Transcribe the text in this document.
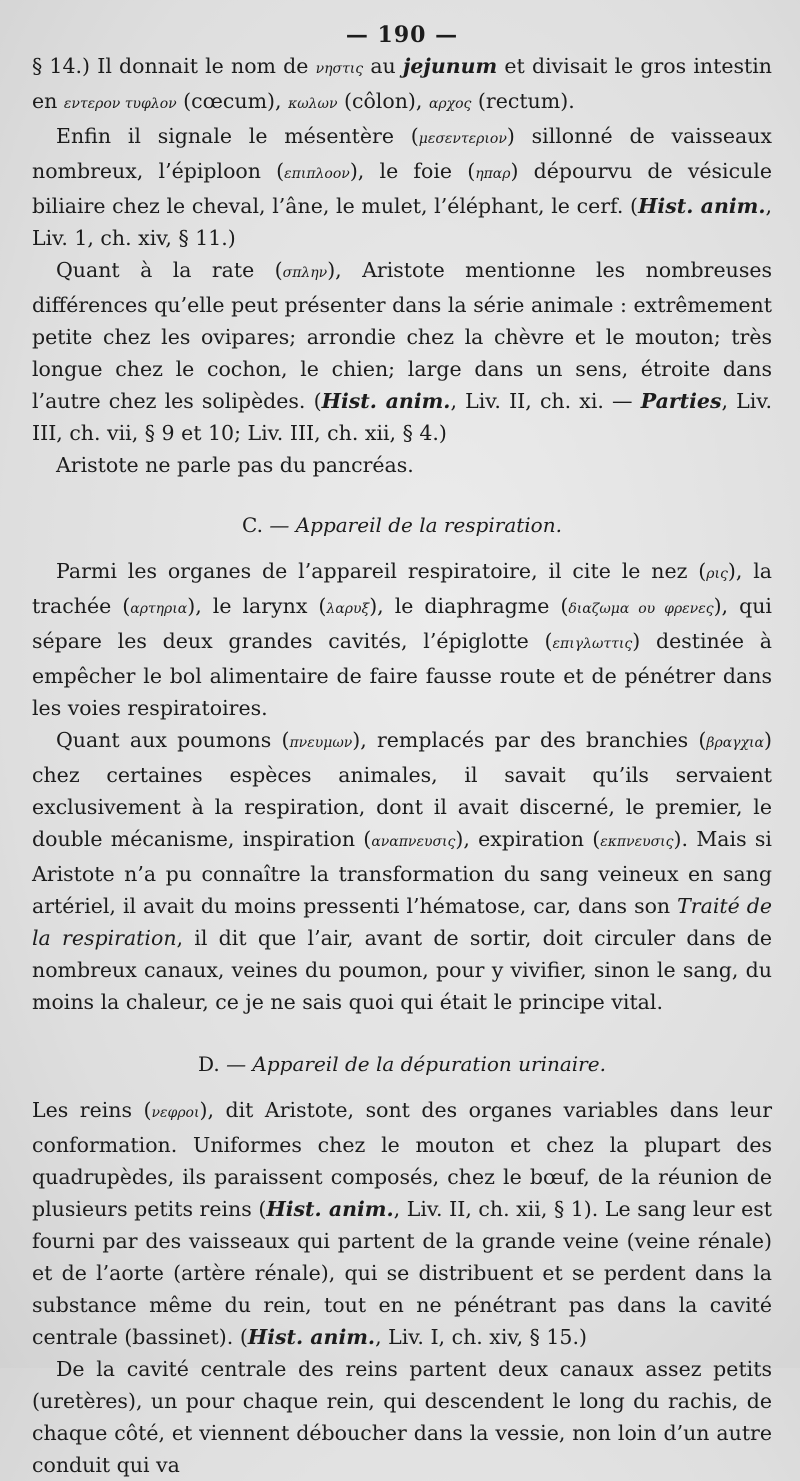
— 190 —

§ 14.) Il donnait le nom de νηστις au jejunum et divisait le gros intestin en εντερον τυφλον (cœcum), κωλων (côlon), αρχος (rectum).

Enfin il signale le mésentère (μεσεντεριον) sillonné de vaisseaux nombreux, l’épiploon (επιπλοον), le foie (ηπαρ) dépourvu de vésicule biliaire chez le cheval, l’âne, le mulet, l’éléphant, le cerf. (Hist. anim., Liv. 1, ch. xiv, § 11.)

Quant à la rate (σπλην), Aristote mentionne les nombreuses différences qu’elle peut présenter dans la série animale : extrêmement petite chez les ovipares; arrondie chez la chèvre et le mouton; très longue chez le cochon, le chien; large dans un sens, étroite dans l’autre chez les solipèdes. (Hist. anim., Liv. II, ch. xi. — Parties, Liv. III, ch. vii, § 9 et 10; Liv. III, ch. xii, § 4.)

Aristote ne parle pas du pancréas.

C. — Appareil de la respiration.

Parmi les organes de l’appareil respiratoire, il cite le nez (ρις), la trachée (αρτηρια), le larynx (λαρυξ), le diaphragme (διαζωμα ου φρενες), qui sépare les deux grandes cavités, l’épiglotte (επιγλωττις) destinée à empêcher le bol alimentaire de faire fausse route et de pénétrer dans les voies respiratoires.

Quant aux poumons (πνευμων), remplacés par des branchies (βραγχια) chez certaines espèces animales, il savait qu’ils servaient exclusivement à la respiration, dont il avait discerné, le premier, le double mécanisme, inspiration (αναπνευσις), expiration (εκπνευσις). Mais si Aristote n’a pu connaître la transformation du sang veineux en sang artériel, il avait du moins pressenti l’hématose, car, dans son Traité de la respiration, il dit que l’air, avant de sortir, doit circuler dans de nombreux canaux, veines du poumon, pour y vivifier, sinon le sang, du moins la chaleur, ce je ne sais quoi qui était le principe vital.

D. — Appareil de la dépuration urinaire.

Les reins (νεφροι), dit Aristote, sont des organes variables dans leur conformation. Uniformes chez le mouton et chez la plupart des quadrupèdes, ils paraissent composés, chez le bœuf, de la réunion de plusieurs petits reins (Hist. anim., Liv. II, ch. xii, § 1). Le sang leur est fourni par des vaisseaux qui partent de la grande veine (veine rénale) et de l’aorte (artère rénale), qui se distribuent et se perdent dans la substance même du rein, tout en ne pénétrant pas dans la cavité centrale (bassinet). (Hist. anim., Liv. I, ch. xiv, § 15.)

De la cavité centrale des reins partent deux canaux assez petits (uretères), un pour chaque rein, qui descendent le long du rachis, de chaque côté, et viennent déboucher dans la vessie, non loin d’un autre conduit qui va
